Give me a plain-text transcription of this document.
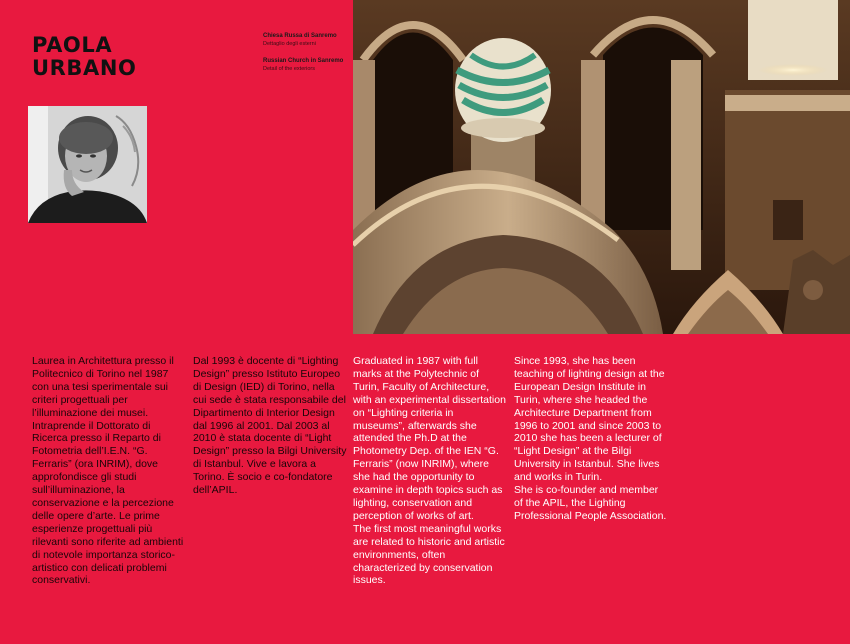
PAOLA
URBANO
Chiesa Russa di Sanremo
Dettaglio degli esterni
Russian Church in Sanremo
Detail of the exteriors

Laurea in Architettura presso il Politecnico di Torino nel 1987 con una tesi sperimentale sui criteri progettuali per l’illuminazione dei musei. Intraprende il Dottorato di Ricerca presso il Reparto di Fotometria dell’I.E.N. “G. Ferraris” (ora INRIM), dove approfondisce gli studi sull’illuminazione, la conservazione e la percezione delle opere d’arte. Le prime esperienze progettuali più rilevanti sono riferite ad ambienti di notevole importanza storico-artistico con delicati problemi conservativi.

Dal 1993 è docente di “Lighting Design” presso Istituto Europeo di Design (IED) di Torino, nella cui sede è stata responsabile del Dipartimento di Interior Design dal 1996 al 2001. Dal 2003 al 2010 è stata docente di “Light Design” presso la Bilgi University di Istanbul. Vive e lavora a Torino. È socio e co-fondatore dell’APIL.

Graduated in 1987 with full marks at the Polytechnic of Turin, Faculty of Architecture, with an experimental dissertation on “Lighting criteria in museums”, afterwards she attended the Ph.D at the Photometry Dep. of the IEN “G. Ferraris” (now INRIM), where she had the opportunity to examine in depth topics such as lighting, conservation and perception of works of art.

The first most meaningful works are related to historic and artistic environments, often characterized by conservation issues.

Since 1993, she has been teaching of lighting design at the European Design Institute in Turin, where she headed the Architecture Department from 1996 to 2001 and since 2003 to 2010 she has been a lecturer of “Light Design” at the Bilgi University in Istanbul. She lives and works in Turin.

She is co-founder and member of the APIL, the Lighting Professional People Association.
